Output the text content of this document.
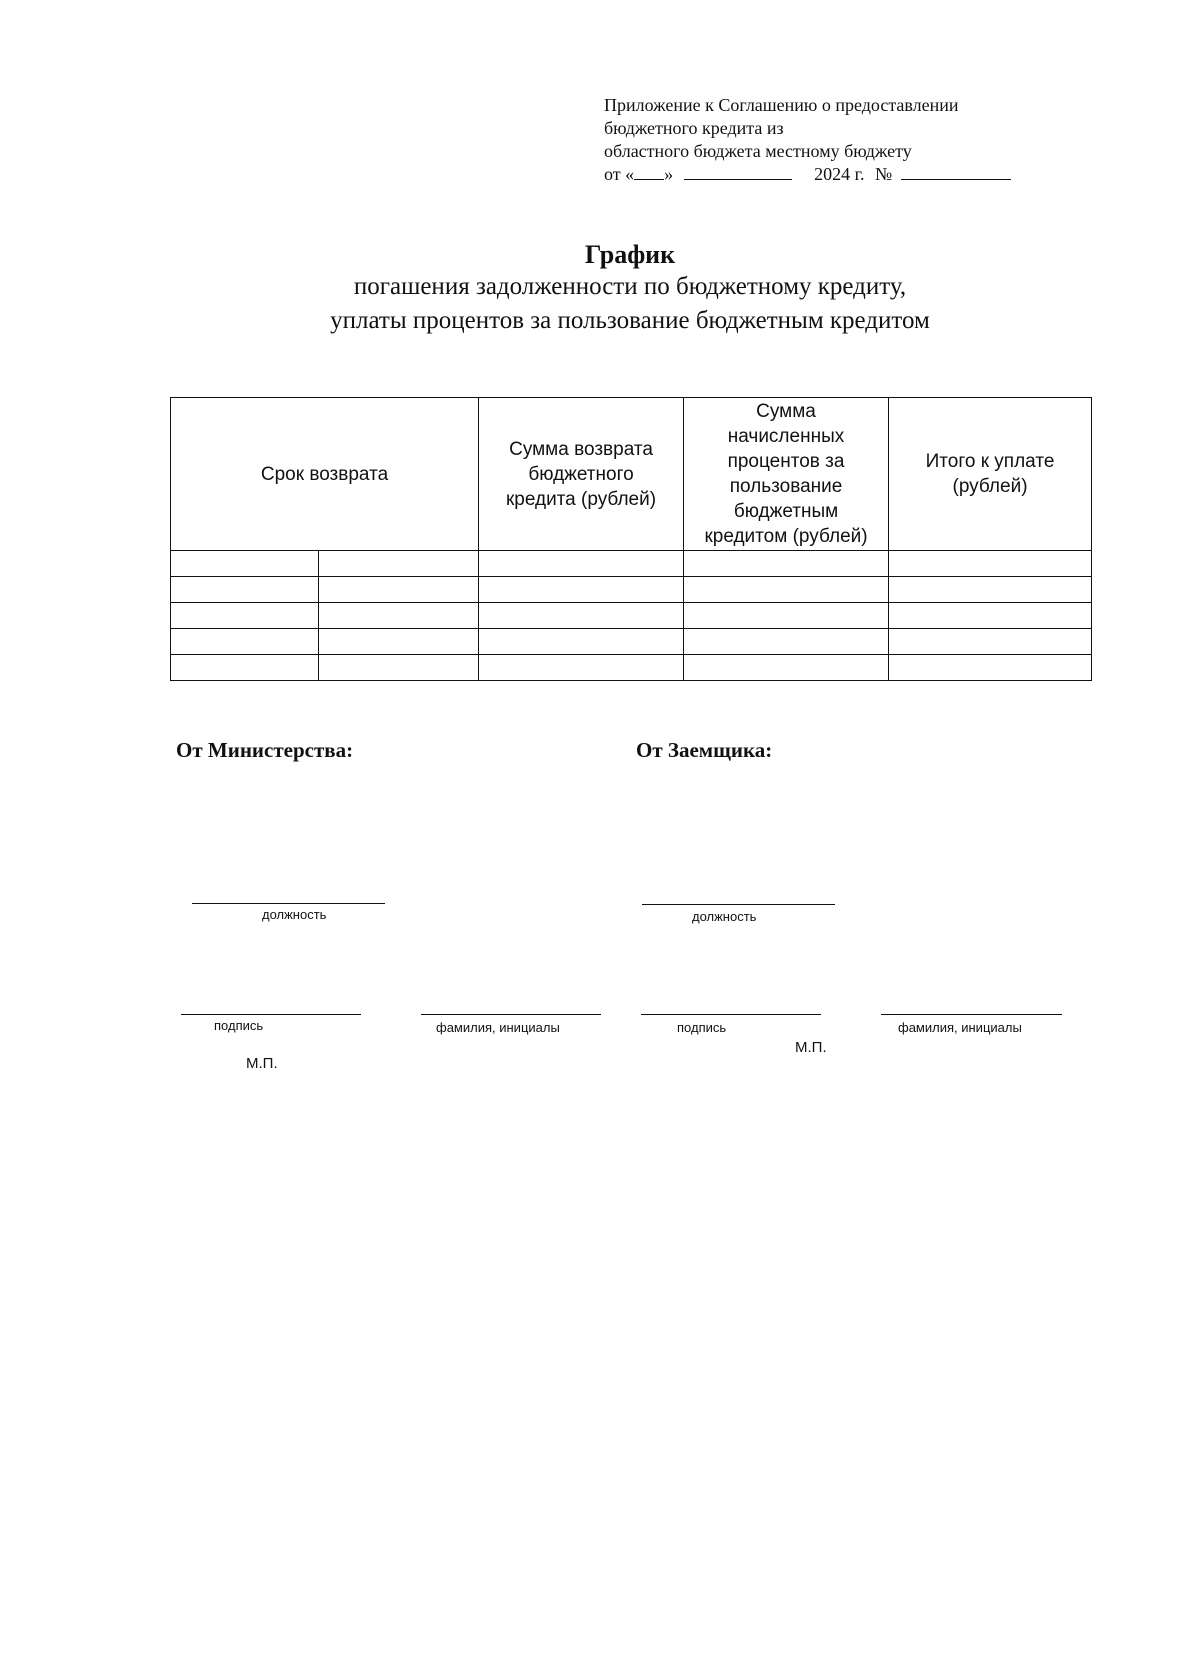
Приложение к Соглашению о предоставлении
бюджетного кредита из
областного бюджета местному бюджету
от « »	2024 г. №
График
погашения задолженности по бюджетному кредиту,
уплаты процентов за пользование бюджетным кредитом
Срок возврата		Сумма возврата бюджетного кредита (рублей)	Сумма начисленных процентов за пользование бюджетным кредитом (рублей)	Итого к уплате (рублей)

От Министерства:
должность
подпись	фамилия, инициалы
М.П.
От Заемщика:
должность
подпись	фамилия, инициалы
М.П.
